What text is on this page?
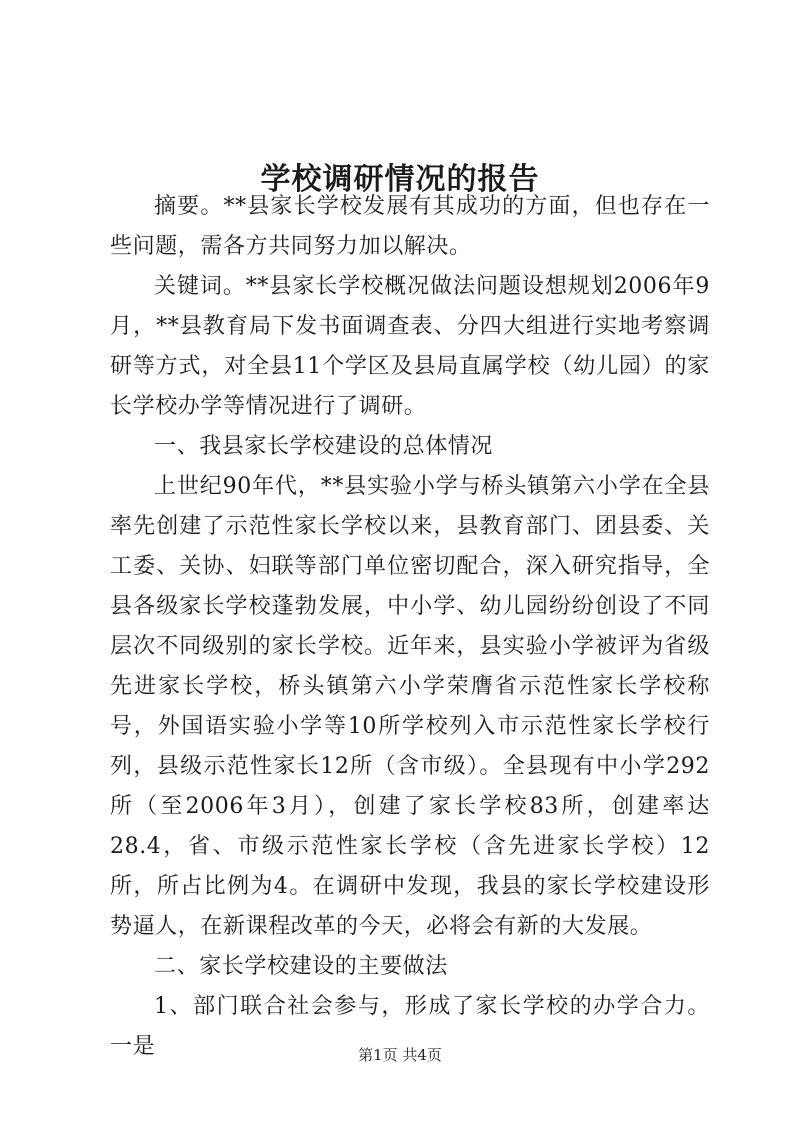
学校调研情况的报告

摘要。**县家长学校发展有其成功的方面，但也存在一些问题，需各方共同努力加以解决。

关键词。**县家长学校概况做法问题设想规划2006年9月，**县教育局下发书面调查表、分四大组进行实地考察调研等方式，对全县11个学区及县局直属学校（幼儿园）的家长学校办学等情况进行了调研。

一、我县家长学校建设的总体情况

上世纪90年代，**县实验小学与桥头镇第六小学在全县率先创建了示范性家长学校以来，县教育部门、团县委、关工委、关协、妇联等部门单位密切配合，深入研究指导，全县各级家长学校蓬勃发展，中小学、幼儿园纷纷创设了不同层次不同级别的家长学校。近年来，县实验小学被评为省级先进家长学校，桥头镇第六小学荣膺省示范性家长学校称号，外国语实验小学等10所学校列入市示范性家长学校行列，县级示范性家长12所（含市级）。全县现有中小学292所（至2006年3月），创建了家长学校83所，创建率达28.4，省、市级示范性家长学校（含先进家长学校）12所，所占比例为4。在调研中发现，我县的家长学校建设形势逼人，在新课程改革的今天，必将会有新的大发展。

二、家长学校建设的主要做法

1、部门联合社会参与，形成了家长学校的办学合力。一是	第1页 共4页
